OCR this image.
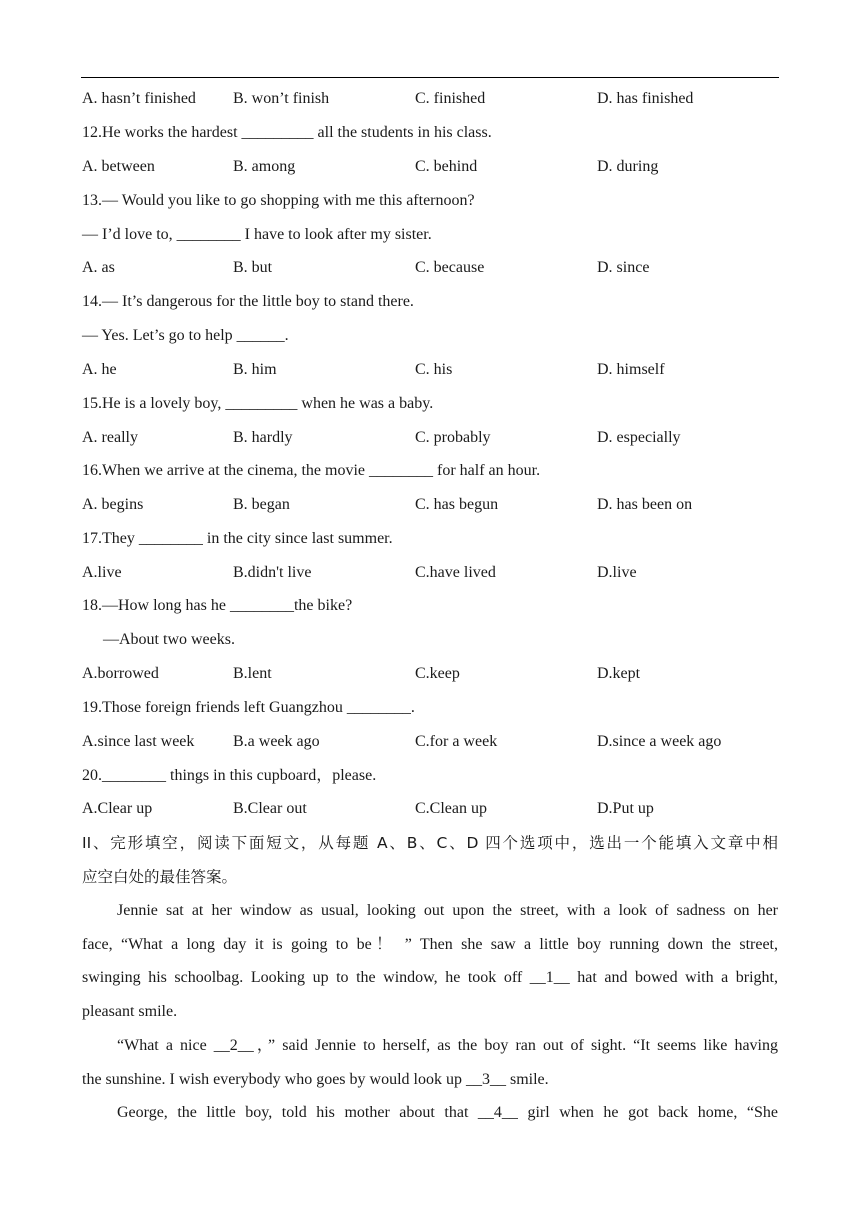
A. hasn’t finished B. won’t finish	C. finished	D. has finished
12.He works the hardest _________ all the students in his class.
A. between	B. among	C. behind	D. during
13.— Would you like to go shopping with me this afternoon?
— I’d love to, ________ I have to look after my sister.
A. as	B. but	C. because	D. since
14.— It’s dangerous for the little boy to stand there.
— Yes. Let’s go to help ______.
A. he	B. him	C. his	D. himself
15.He is a lovely boy, _________ when he was a baby.
A. really	B. hardly	C. probably	D. especially
16.When we arrive at the cinema, the movie ________ for half an hour.
A. begins	B. began	C. has begun	D. has been on
17.They ________ in the city since last summer.
A.live	B.didn't live	C.have lived	D.live
18.—How long has he ________the bike?
—About two weeks.
A.borrowed	B.lent	C.keep	D.kept
19.Those foreign friends left Guangzhou ________.
A.since last week B.a week ago	C.for a week	D.since a week ago
20.________ things in this cupboard，please.
A.Clear up	B.Clear out	C.Clean up	D.Put up
II、完形填空，阅读下面短文，从每题 A、B、C、D 四个选项中，选出一个能填入文章中相
应空白处的最佳答案。
Jennie sat at her window as usual, looking out upon the street, with a look of sadness on her
face, “What a long day it is going to be！ ” Then she saw a little boy running down the street,
swinging his schoolbag. Looking up to the window, he took off __1__ hat and bowed with a bright,
pleasant smile.
“What a nice __2__，” said Jennie to herself, as the boy ran out of sight. “It seems like having
the sunshine. I wish everybody who goes by would look up __3__ smile.
George, the little boy, told his mother about that __4__ girl when he got back home, “She
